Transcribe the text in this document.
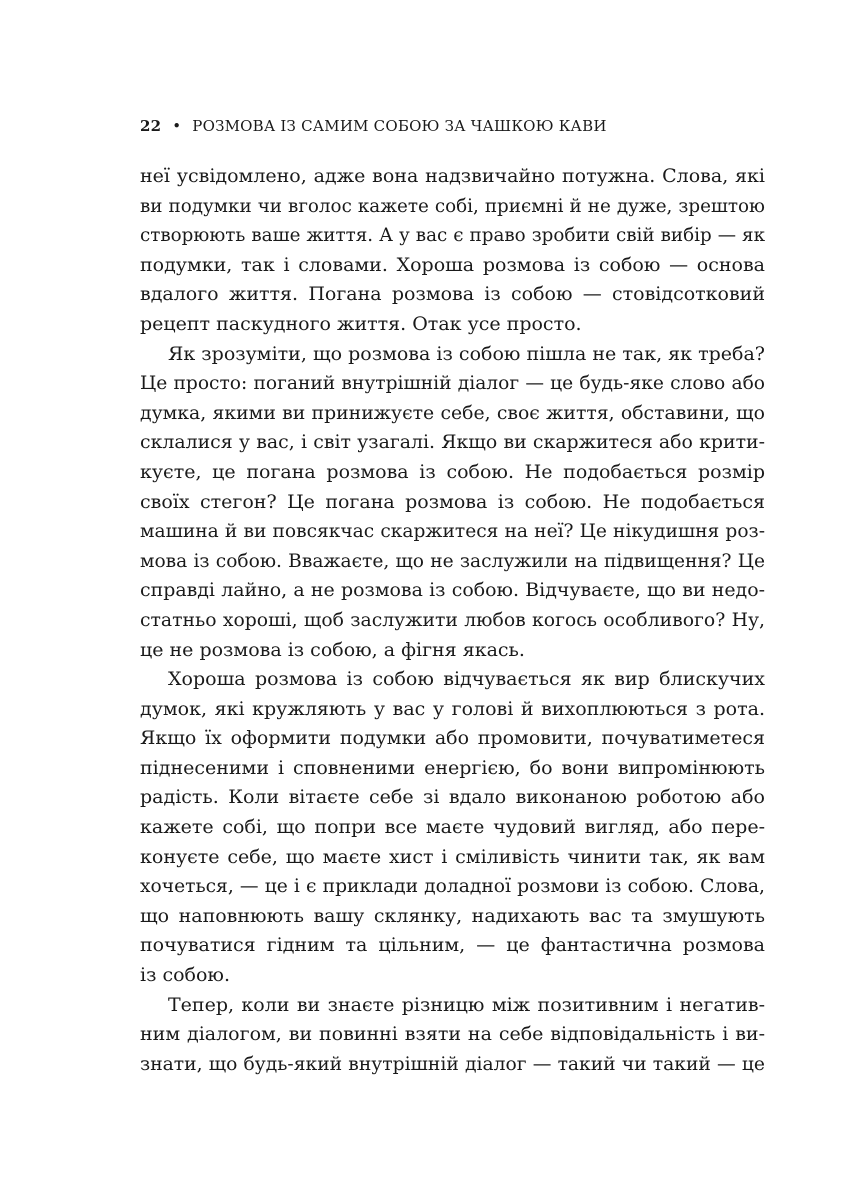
22 • РОЗМОВА ІЗ САМИМ СОБОЮ ЗА ЧАШКОЮ КАВИ
неї усвідомлено, адже вона надзвичайно потужна. Слова, які
ви подумки чи вголос кажете собі, приємні й не дуже, зрештою
створюють ваше життя. А у вас є право зробити свій вибір — як
подумки, так і словами. Хороша розмова із собою — основа
вдалого життя. Погана розмова із собою — стовідсотковий
рецепт паскудного життя. Отак усе просто.
Як зрозуміти, що розмова із собою пішла не так, як треба?
Це просто: поганий внутрішній діалог — це будь-яке слово або
думка, якими ви принижуєте себе, своє життя, обставини, що
склалися у вас, і світ узагалі. Якщо ви скаржитеся або крити-
куєте, це погана розмова із собою. Не подобається розмір
своїх стегон? Це погана розмова із собою. Не подобається
машина й ви повсякчас скаржитеся на неї? Це нікудишня роз-
мова із собою. Вважаєте, що не заслужили на підвищення? Це
справді лайно, а не розмова із собою. Відчуваєте, що ви недо-
статньо хороші, щоб заслужити любов когось особливого? Ну,
це не розмова із собою, а фігня якась.
Хороша розмова із собою відчувається як вир блискучих
думок, які кружляють у вас у голові й вихоплюються з рота.
Якщо їх оформити подумки або промовити, почуватиметеся
піднесеними і сповненими енергією, бо вони випромінюють
радість. Коли вітаєте себе зі вдало виконаною роботою або
кажете собі, що попри все маєте чудовий вигляд, або пере-
конуєте себе, що маєте хист і сміливість чинити так, як вам
хочеться, — це і є приклади доладної розмови із собою. Слова,
що наповнюють вашу склянку, надихають вас та змушують
почуватися гідним та цільним, — це фантастична розмова
із собою.
Тепер, коли ви знаєте різницю між позитивним і негатив-
ним діалогом, ви повинні взяти на себе відповідальність і ви-
знати, що будь-який внутрішній діалог — такий чи такий — це
